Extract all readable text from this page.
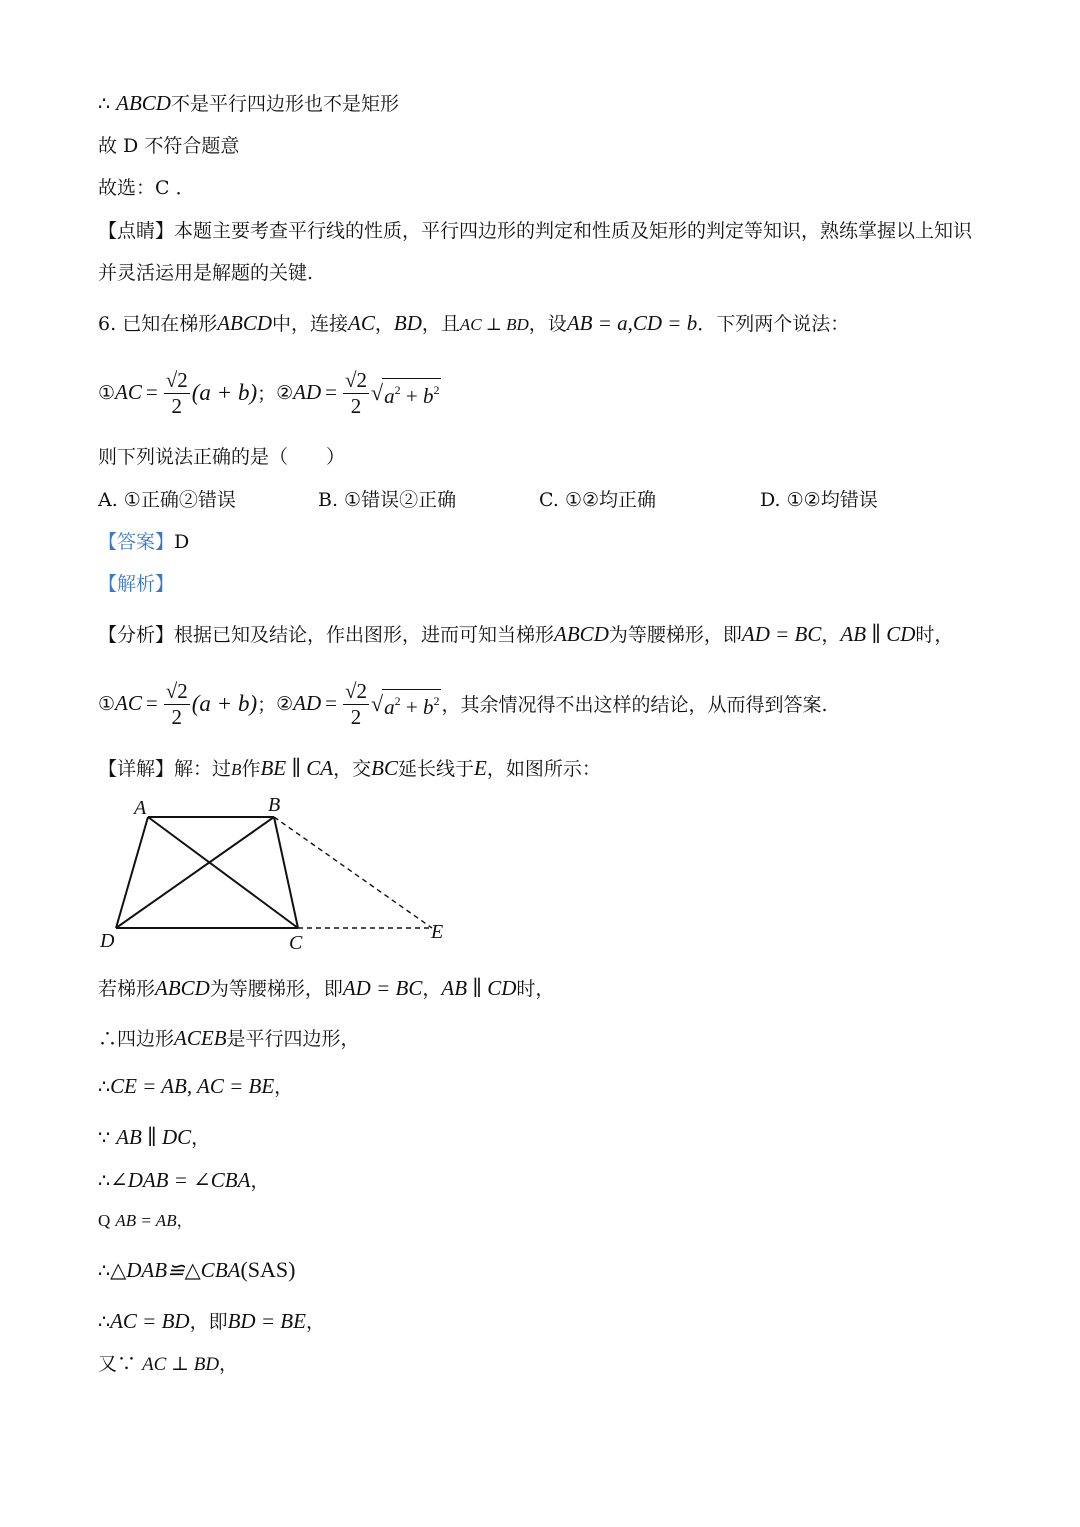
∴ ABCD不是平行四边形也不是矩形
故 D 不符合题意
故选：C ．
【点睛】本题主要考查平行线的性质，平行四边形的判定和性质及矩形的判定等知识，熟练掌握以上知识
并灵活运用是解题的关键.
6. 已知在梯形ABCD中，连接AC，BD，且AC ⊥ BD，设AB = a,CD = b．下列两个说法：
① AC = $\frac{√2}{2} (a + b)$ ； ② AD = $\frac{√2}{2}$ √ $a^2 + b^2$
则下列说法正确的是（　　）
A. ①正确②错误	B. ①错误②正确	C. ①②均正确	D. ①②均错误
【答案】D
【解析】
【分析】根据已知及结论，作出图形，进而可知当梯形ABCD为等腰梯形，即AD = BC，AB ∥ CD时，
① AC = $\frac{√2}{2} (a + b)$ ； ② AD = $\frac{√2}{2}$ √ $a^2 + b^2$ ，其余情况得不出这样的结论，从而得到答案.
【详解】解：过B作BE ∥ CA，交BC延长线于E，如图所示：
A	B
D	C	E
若梯形ABCD为等腰梯形，即AD = BC，AB ∥ CD时，
∴四边形ACEB是平行四边形，
∴CE = AB, AC = BE，
∵ AB ∥ DC，
∴∠DAB = ∠CBA，
Q AB = AB，
∴△DAB≌△CBA(SAS)
∴AC = BD，即BD = BE，
又∵ AC ⊥ BD，
